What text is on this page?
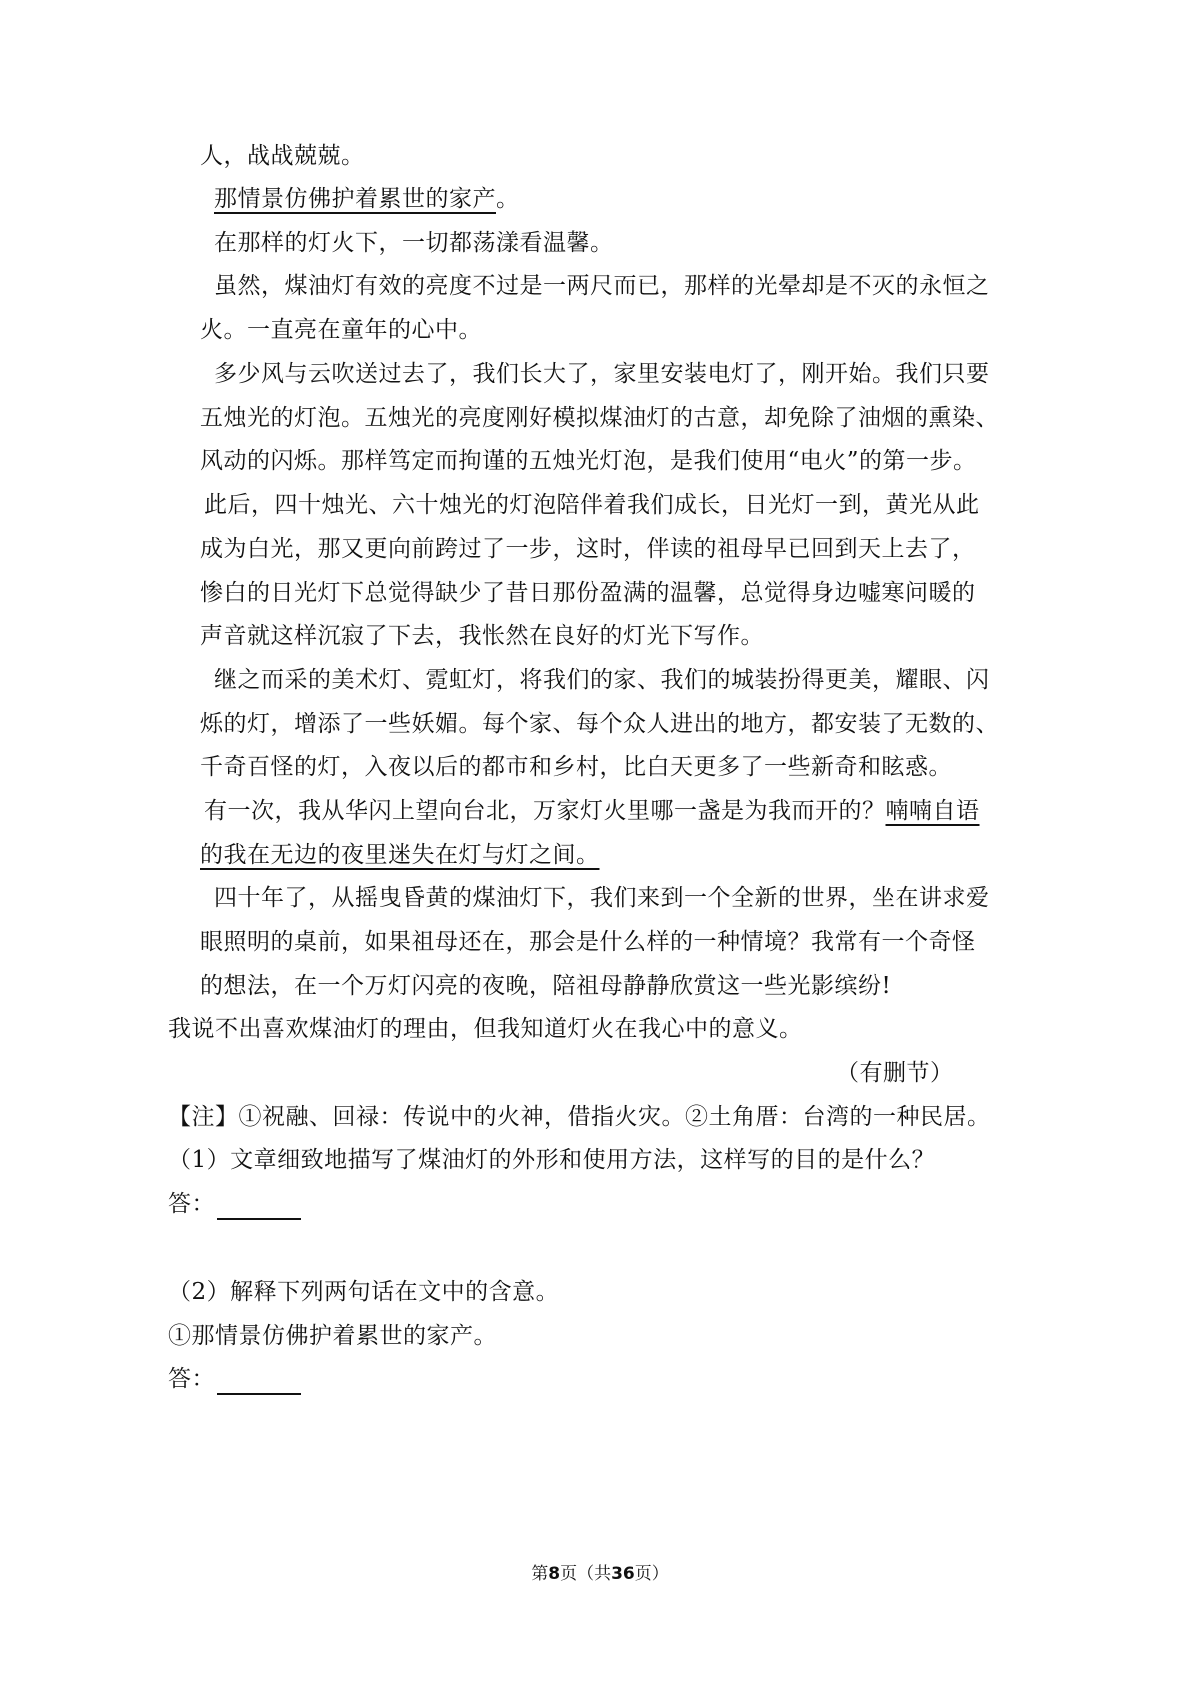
人，战战兢兢。
那情景仿佛护着累世的家产。
在那样的灯火下，一切都荡漾看温馨。
虽然，煤油灯有效的亮度不过是一两尺而已，那样的光晕却是不灭的永恒之
火。一直亮在童年的心中。
多少风与云吹送过去了，我们长大了，家里安装电灯了，刚开始。我们只要
五烛光的灯泡。五烛光的亮度刚好模拟煤油灯的古意，却免除了油烟的熏染、
风动的闪烁。那样笃定而拘谨的五烛光灯泡，是我们使用“电火”的第一步。
此后，四十烛光、六十烛光的灯泡陪伴着我们成长，日光灯一到，黄光从此
成为白光，那又更向前跨过了一步，这时，伴读的祖母早已回到天上去了，
惨白的日光灯下总觉得缺少了昔日那份盈满的温馨，总觉得身边嘘寒问暖的
声音就这样沉寂了下去，我怅然在良好的灯光下写作。
继之而采的美术灯、霓虹灯，将我们的家、我们的城装扮得更美，耀眼、闪
烁的灯，增添了一些妖媚。每个家、每个众人进出的地方，都安装了无数的、
千奇百怪的灯，入夜以后的都市和乡村，比白天更多了一些新奇和眩惑。
有一次，我从华闪上望向台北，万家灯火里哪一盏是为我而开的？喃喃自语
的我在无边的夜里迷失在灯与灯之间。
四十年了，从摇曳昏黄的煤油灯下，我们来到一个全新的世界，坐在讲求爱
眼照明的桌前，如果祖母还在，那会是什么样的一种情境？我常有一个奇怪
的想法，在一个万灯闪亮的夜晚，陪祖母静静欣赏这一些光影缤纷!
我说不出喜欢煤油灯的理由，但我知道灯火在我心中的意义。
（有删节）
【注】①祝融、回禄：传说中的火神，借指火灾。②土角厝：台湾的一种民居。
（1）文章细致地描写了煤油灯的外形和使用方法，这样写的目的是什么？
答：
（2）解释下列两句话在文中的含意。
①那情景仿佛护着累世的家产。
答：
第8页（共36页）
